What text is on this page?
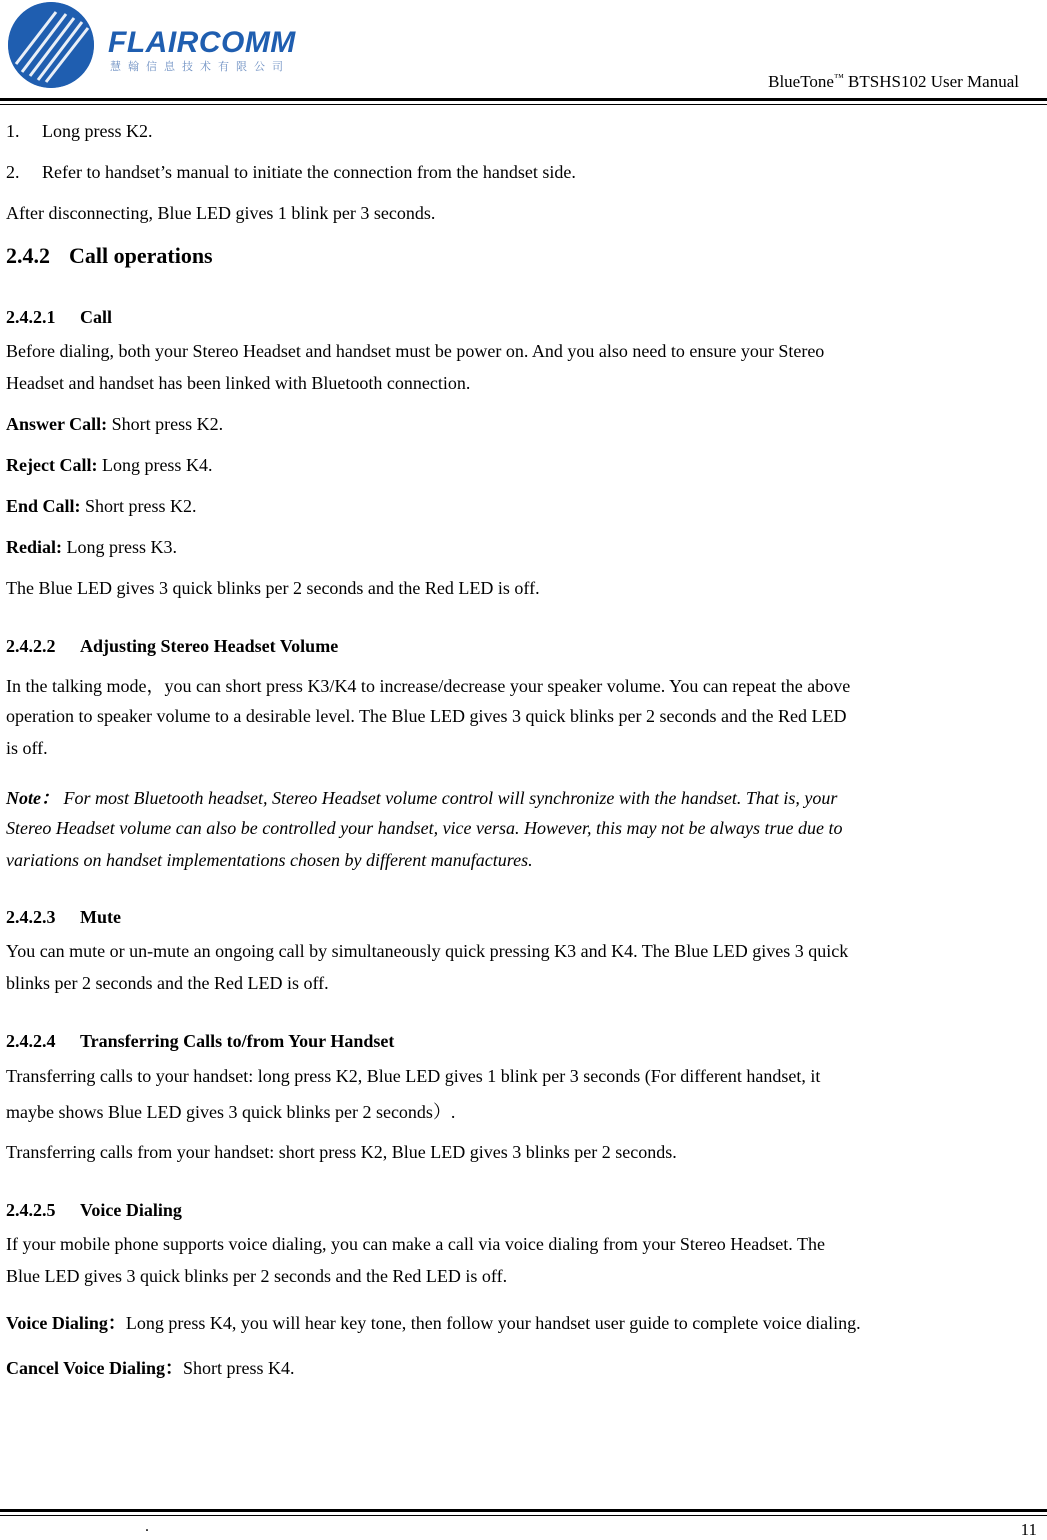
FLAIRCOMM
慧翰信息技术有限公司
BlueTone™ BTSHS102 User Manual
1. Long press K2.
2. Refer to handset’s manual to initiate the connection from the handset side.
After disconnecting, Blue LED gives 1 blink per 3 seconds.
2.4.2 Call operations
2.4.2.1 Call
Before dialing, both your Stereo Headset and handset must be power on. And you also need to ensure your Stereo
Headset and handset has been linked with Bluetooth connection.
Answer Call: Short press K2.
Reject Call: Long press K4.
End Call: Short press K2.
Redial: Long press K3.
The Blue LED gives 3 quick blinks per 2 seconds and the Red LED is off.
2.4.2.2 Adjusting Stereo Headset Volume
In the talking mode，you can short press K3/K4 to increase/decrease your speaker volume. You can repeat the above
operation to speaker volume to a desirable level. The Blue LED gives 3 quick blinks per 2 seconds and the Red LED
is off.
Note： For most Bluetooth headset, Stereo Headset volume control will synchronize with the handset. That is, your
Stereo Headset volume can also be controlled your handset, vice versa. However, this may not be always true due to
variations on handset implementations chosen by different manufactures.
2.4.2.3 Mute
You can mute or un-mute an ongoing call by simultaneously quick pressing K3 and K4. The Blue LED gives 3 quick
blinks per 2 seconds and the Red LED is off.
2.4.2.4 Transferring Calls to/from Your Handset
Transferring calls to your handset: long press K2, Blue LED gives 1 blink per 3 seconds (For different handset, it
maybe shows Blue LED gives 3 quick blinks per 2 seconds）.
Transferring calls from your handset: short press K2, Blue LED gives 3 blinks per 2 seconds.
2.4.2.5 Voice Dialing
If your mobile phone supports voice dialing, you can make a call via voice dialing from your Stereo Headset. The
Blue LED gives 3 quick blinks per 2 seconds and the Red LED is off.
Voice Dialing：Long press K4, you will hear key tone, then follow your handset user guide to complete voice dialing.
Cancel Voice Dialing：Short press K4.
.	11
